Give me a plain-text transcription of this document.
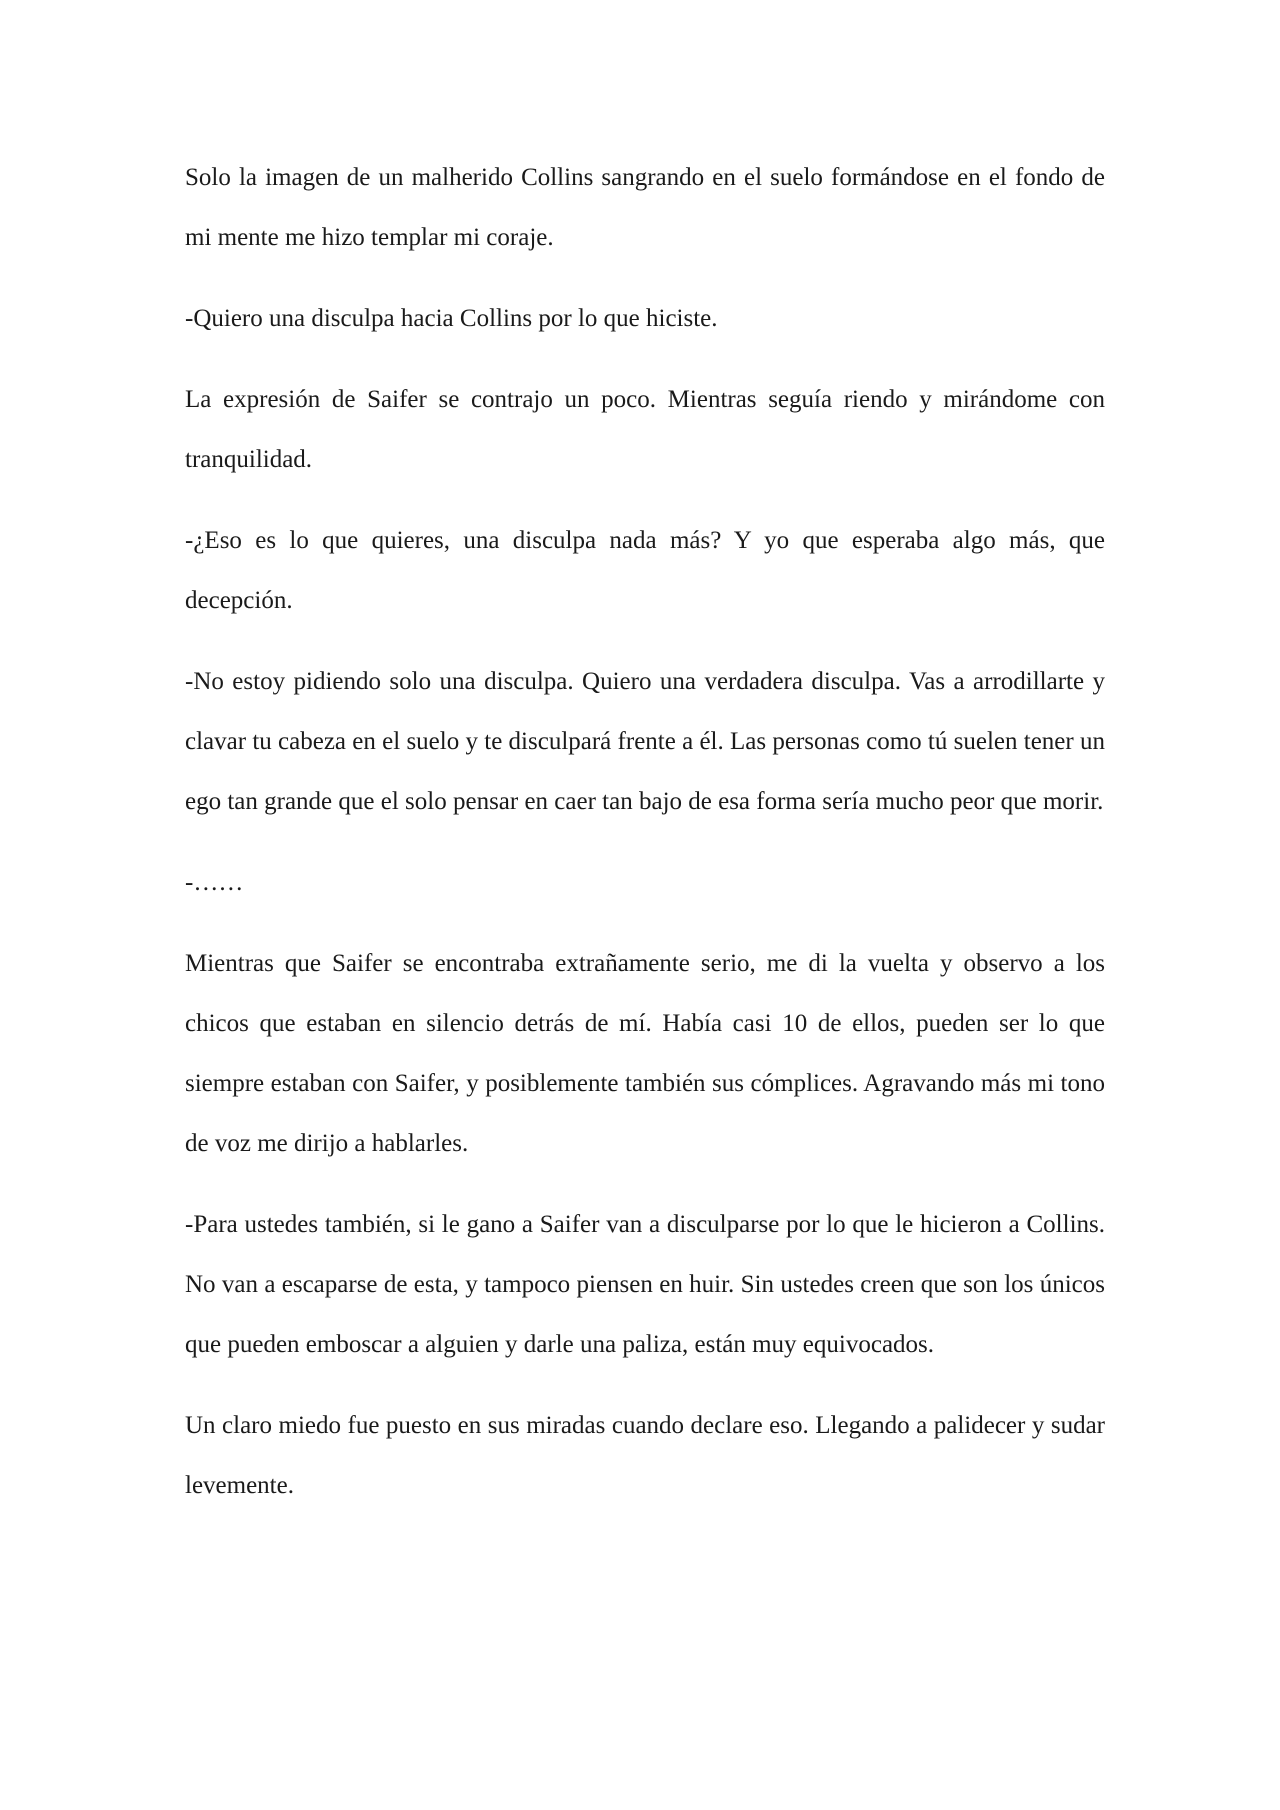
Solo la imagen de un malherido Collins sangrando en el suelo formándose en el fondo de mi mente me hizo templar mi coraje.

-Quiero una disculpa hacia Collins por lo que hiciste.

La expresión de Saifer se contrajo un poco. Mientras seguía riendo y mirándome con tranquilidad.

-¿Eso es lo que quieres, una disculpa nada más? Y yo que esperaba algo más, que decepción.

-No estoy pidiendo solo una disculpa. Quiero una verdadera disculpa. Vas a arrodillarte y clavar tu cabeza en el suelo y te disculpará frente a él. Las personas como tú suelen tener un ego tan grande que el solo pensar en caer tan bajo de esa forma sería mucho peor que morir.

-……

Mientras que Saifer se encontraba extrañamente serio, me di la vuelta y observo a los chicos que estaban en silencio detrás de mí. Había casi 10 de ellos, pueden ser lo que siempre estaban con Saifer, y posiblemente también sus cómplices. Agravando más mi tono de voz me dirijo a hablarles.

-Para ustedes también, si le gano a Saifer van a disculparse por lo que le hicieron a Collins. No van a escaparse de esta, y tampoco piensen en huir. Sin ustedes creen que son los únicos que pueden emboscar a alguien y darle una paliza, están muy equivocados.

Un claro miedo fue puesto en sus miradas cuando declare eso. Llegando a palidecer y sudar levemente.
